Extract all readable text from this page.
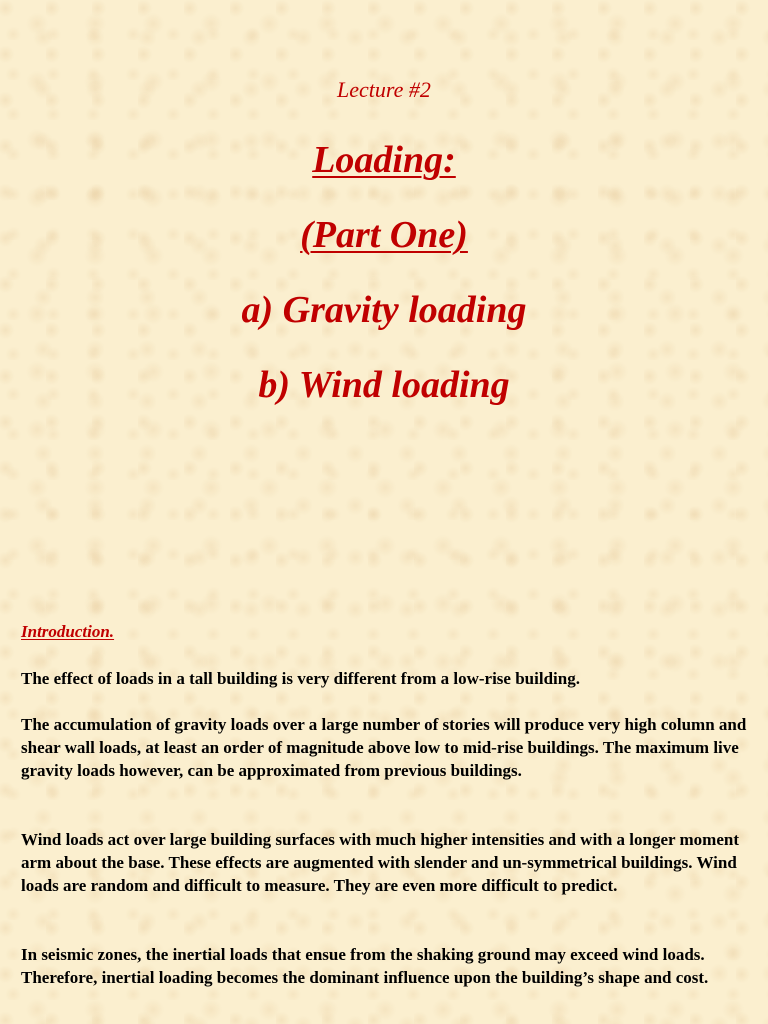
Lecture #2
Loading:
(Part One)
a) Gravity loading
b) Wind loading
Introduction.
The effect of loads in a tall building is very different from a low-rise building.
The accumulation of gravity loads over a large number of stories will produce very high column and shear wall loads, at least an order of magnitude above low to mid-rise buildings. The maximum live gravity loads however, can be approximated from previous buildings.
Wind loads act over large building surfaces with much higher intensities and with a longer moment arm about the base. These effects are augmented with slender and un-symmetrical buildings. Wind loads are random and difficult to measure. They are even more difficult to predict.
In seismic zones, the inertial loads that ensue from the shaking ground may exceed wind loads. Therefore, inertial loading becomes the dominant influence upon the building’s shape and cost.
